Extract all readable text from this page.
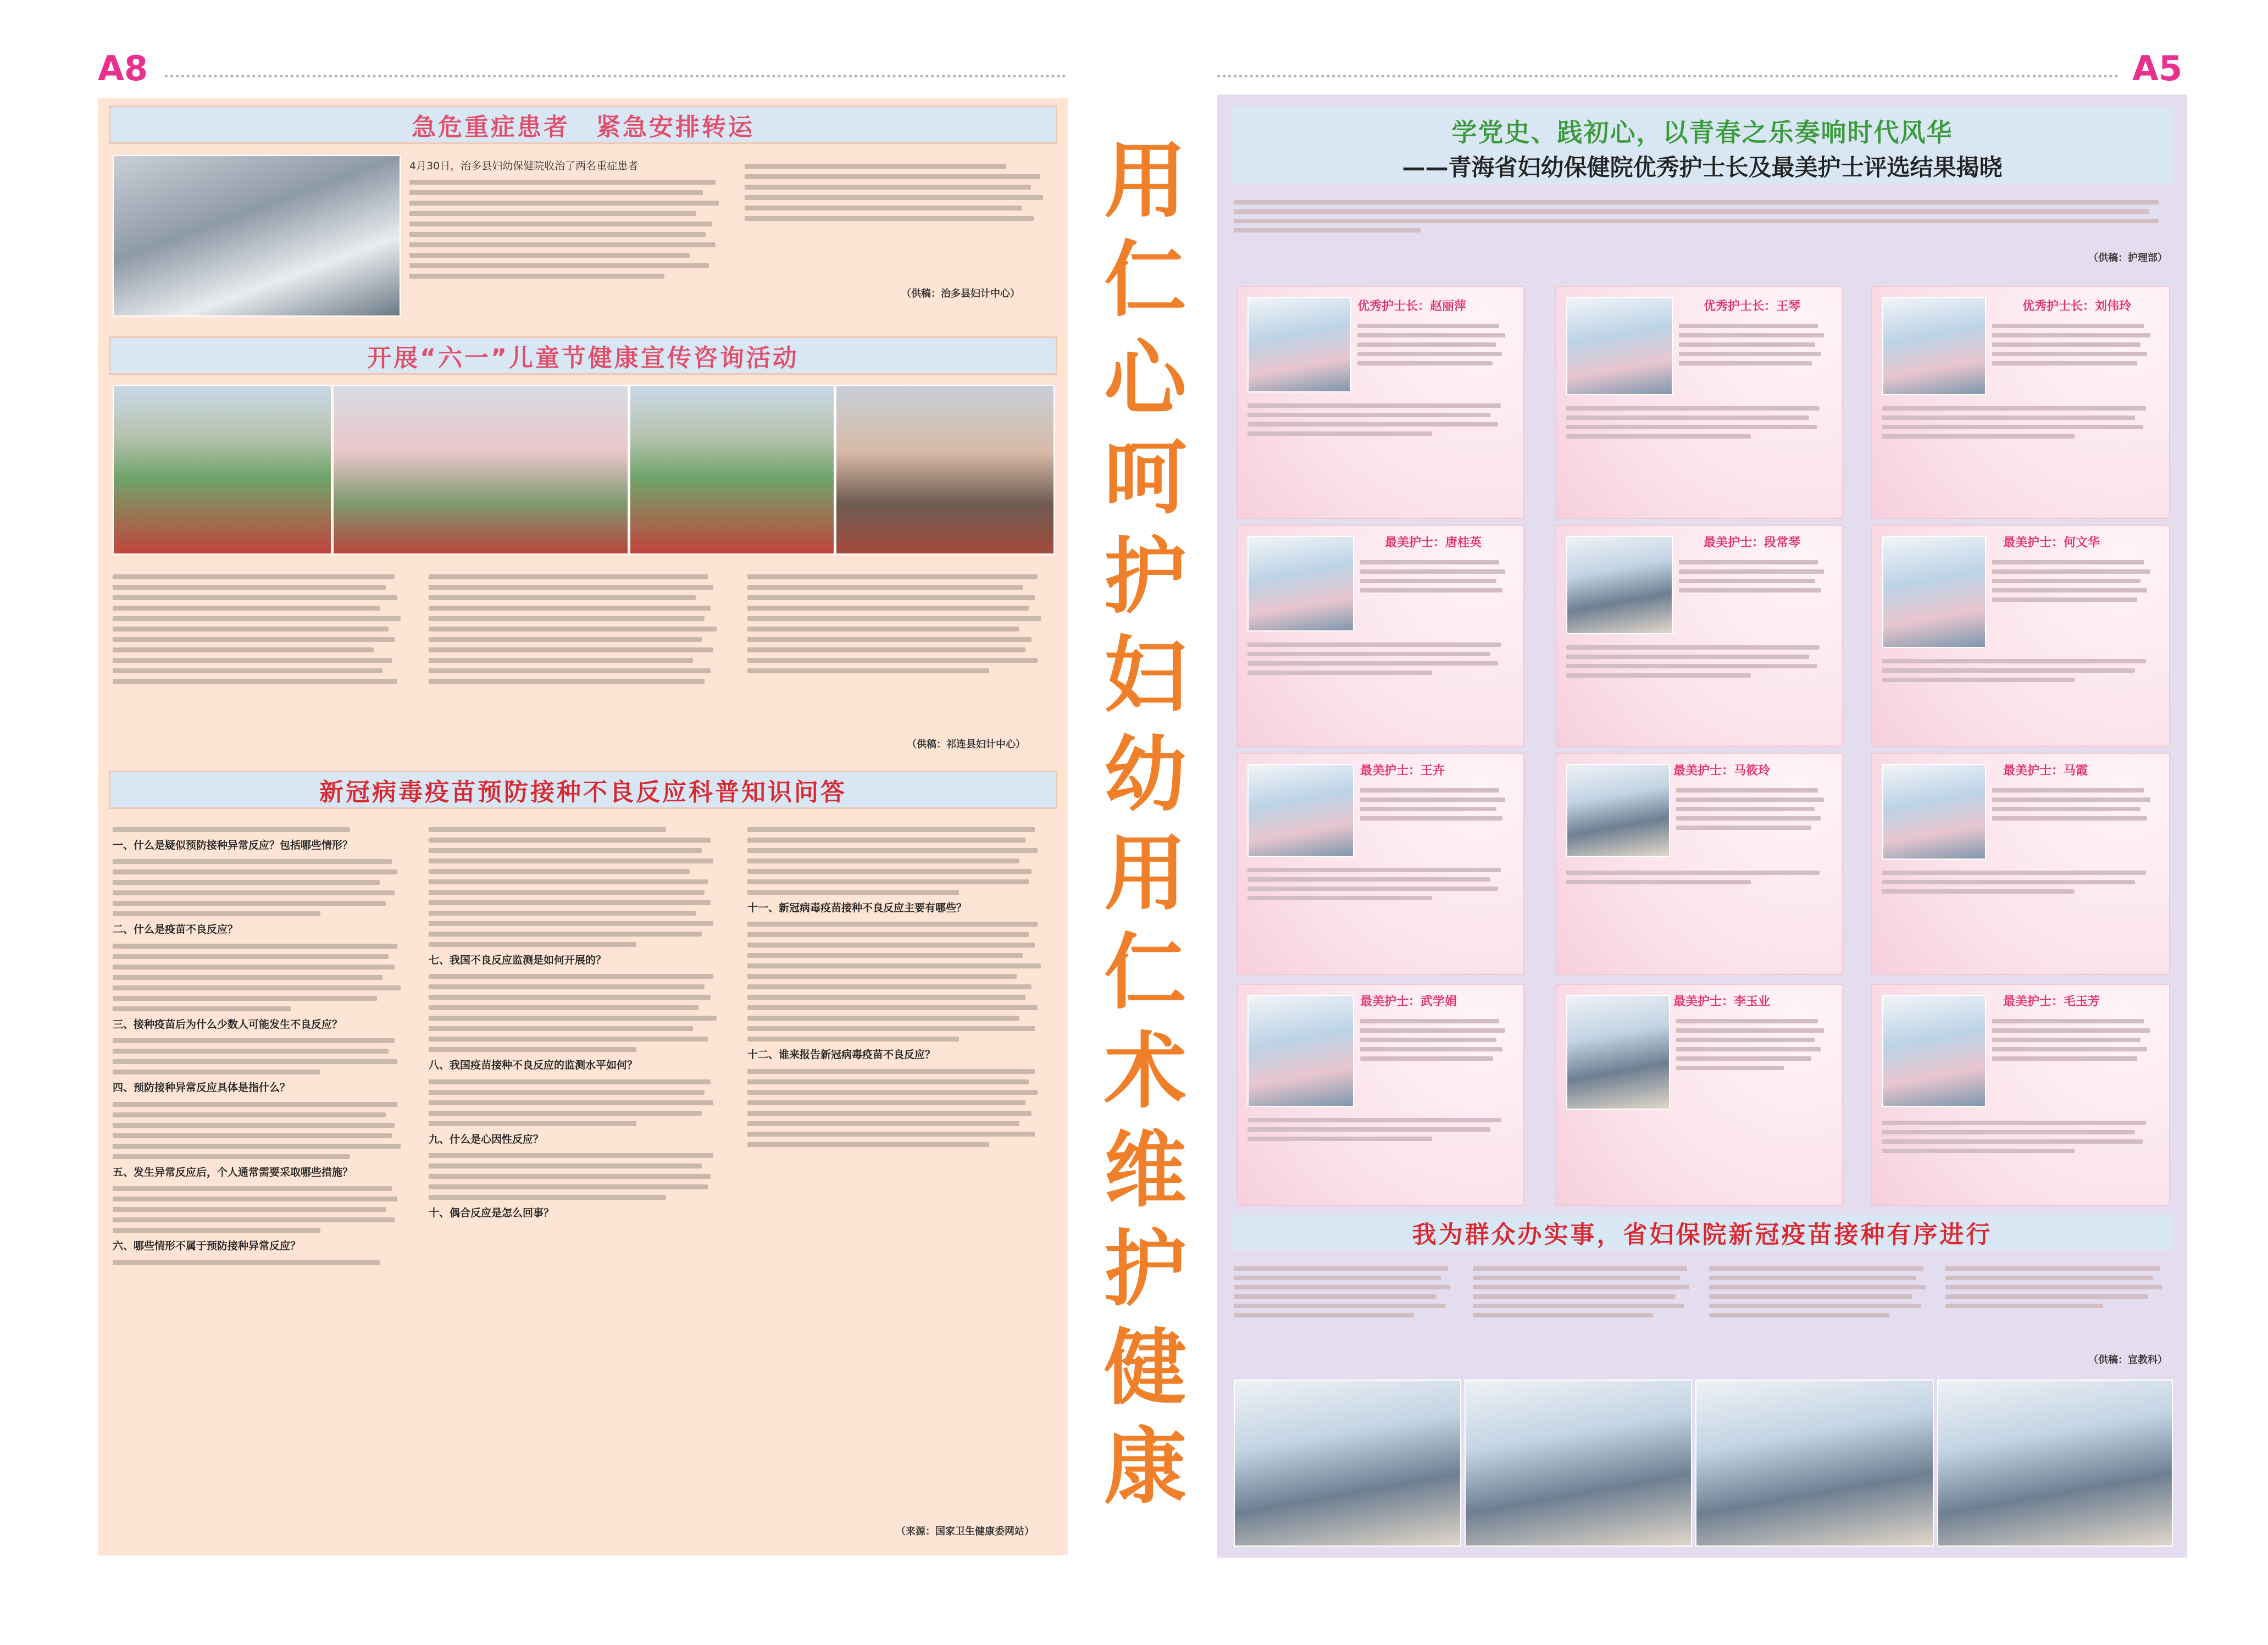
A8	A5
急危重症患者　紧急安排转运
4月30日，治多县妇幼保健院收治了两名重症患者
（供稿：治多县妇计中心）
开展“六一”儿童节健康宣传咨询活动
（供稿：祁连县妇计中心）
新冠病毒疫苗预防接种不良反应科普知识问答
一、什么是疑似预防接种异常反应？包括哪些情形？
二、什么是疫苗不良反应？
三、接种疫苗后为什么少数人可能发生不良反应？
四、预防接种异常反应具体是指什么？
五、发生异常反应后，个人通常需要采取哪些措施？
六、哪些情形不属于预防接种异常反应？
七、我国不良反应监测是如何开展的？
八、我国疫苗接种不良反应的监测水平如何？
九、什么是心因性反应？
十、偶合反应是怎么回事？
十一、新冠病毒疫苗接种不良反应主要有哪些？
十二、谁来报告新冠病毒疫苗不良反应？
（来源：国家卫生健康委网站）
用仁心呵护妇幼 用仁术维护健康
学党史、践初心，以青春之乐奏响时代风华
——青海省妇幼保健院优秀护士长及最美护士评选结果揭晓
（供稿：护理部）
优秀护士长：赵丽萍	优秀护士长：王琴	优秀护士长：刘伟玲
最美护士：唐桂英	最美护士：段常琴	最美护士：何文华
最美护士：王卉	最美护士：马筱玲	最美护士：马霞
最美护士：武学娟	最美护士：李玉业	最美护士：毛玉芳
我为群众办实事，省妇保院新冠疫苗接种有序进行
（供稿：宣教科）
